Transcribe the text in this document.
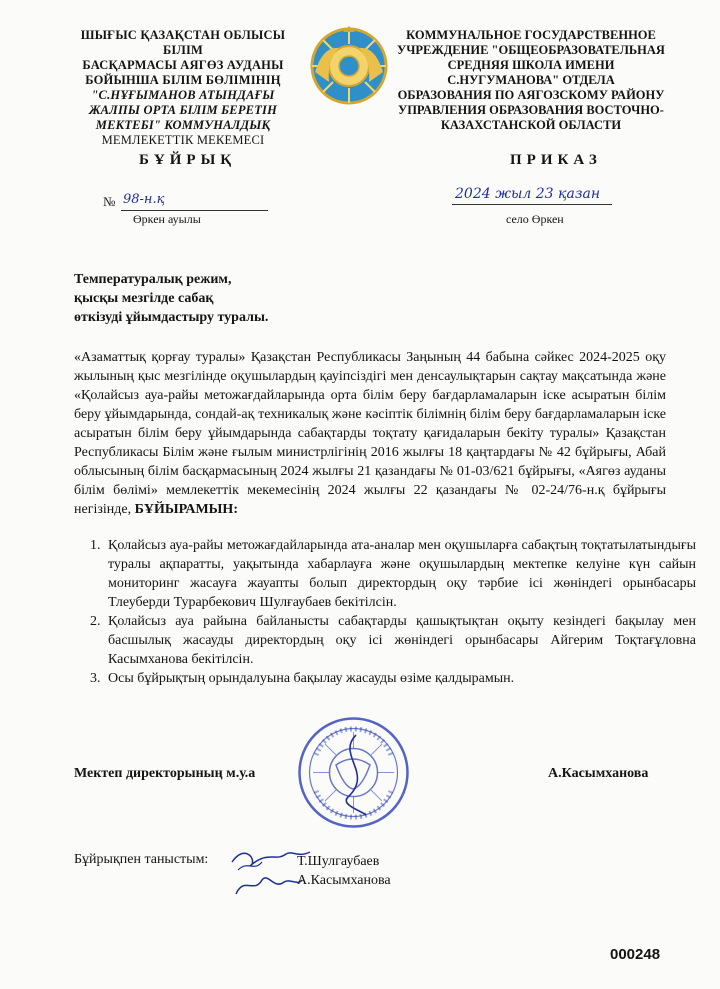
ШЫҒЫС ҚАЗАҚСТАН ОБЛЫСЫ БІЛІМ
БАСҚАРМАСЫ АЯГӨЗ АУДАНЫ
БОЙЫНША БІЛІМ БӨЛІМІНІҢ
"С.НҰҒЫМАНОВ АТЫНДАҒЫ
ЖАЛПЫ ОРТА БІЛІМ БЕРЕТІН
МЕКТЕБІ" КОММУНАЛДЫҚ
МЕМЛЕКЕТТІК МЕКЕМЕСІ
КОММУНАЛЬНОЕ ГОСУДАРСТВЕННОЕ
УЧРЕЖДЕНИЕ "ОБЩЕОБРАЗОВАТЕЛЬНАЯ
СРЕДНЯЯ ШКОЛА ИМЕНИ
С.НУГУМАНОВА" ОТДЕЛА
ОБРАЗОВАНИЯ ПО АЯГОЗСКОМУ РАЙОНУ
УПРАВЛЕНИЯ ОБРАЗОВАНИЯ ВОСТОЧНО-
КАЗАХСТАНСКОЙ ОБЛАСТИ
БҰЙРЫҚ	ПРИКАЗ
№ 98-н.қ
Өркен ауылы
2024 жыл 23 қазан
село Өркен
Температуралық режим,
қысқы мезгілде сабақ
өткізуді ұйымдастыру туралы.

«Азаматтық қорғау туралы» Қазақстан Республикасы Заңының 44 бабына сәйкес 2024-2025 оқу жылының қыс мезгілінде оқушылардың қауіпсіздігі мен денсаулықтарын сақтау мақсатында және «Қолайсыз ауа-райы метожағдайларында орта білім беру бағдарламаларын іске асыратын білім беру ұйымдарында, сондай-ақ техникалық және кәсіптік білімнің білім беру бағдарламаларын іске асыратын білім беру ұйымдарында сабақтарды тоқтату қағидаларын бекіту туралы» Қазақстан Республикасы Білім және ғылым министрлігінің 2016 жылғы 18 қаңтардағы № 42 бұйрығы, Абай облысының білім басқармасының 2024 жылғы 21 қазандағы № 01-03/621 бұйрығы, «Аягөз ауданы білім бөлімі» мемлекеттік мекемесінің 2024 жылғы 22 қазандағы № 02-24/76-н.қ бұйрығы негізінде, БҰЙЫРАМЫН:

1. Қолайсыз ауа-райы метожағдайларында ата-аналар мен оқушыларға сабақтың тоқтатылатындығы туралы ақпаратты, уақытында хабарлауға және оқушылардың мектепке келуіне күн сайын мониторинг жасауға жауапты болып директордың оқу тәрбие ісі жөніндегі орынбасары Тлеуберди Турарбекович Шулғаубаев бекітілсін.
2. Қолайсыз ауа райына байланысты сабақтарды қашықтықтан оқыту кезіндегі бақылау мен басшылық жасауды директордың оқу ісі жөніндегі орынбасары Айгерим Тоқтағұловна Касымханова бекітілсін.
3. Осы бұйрықтың орындалуына бақылау жасауды өзіме қалдырамын.
Мектеп директорының м.у.а	А.Касымханова
Бұйрықпен таныстым:	Т.Шулгаубаев
А.Касымханова
000248
